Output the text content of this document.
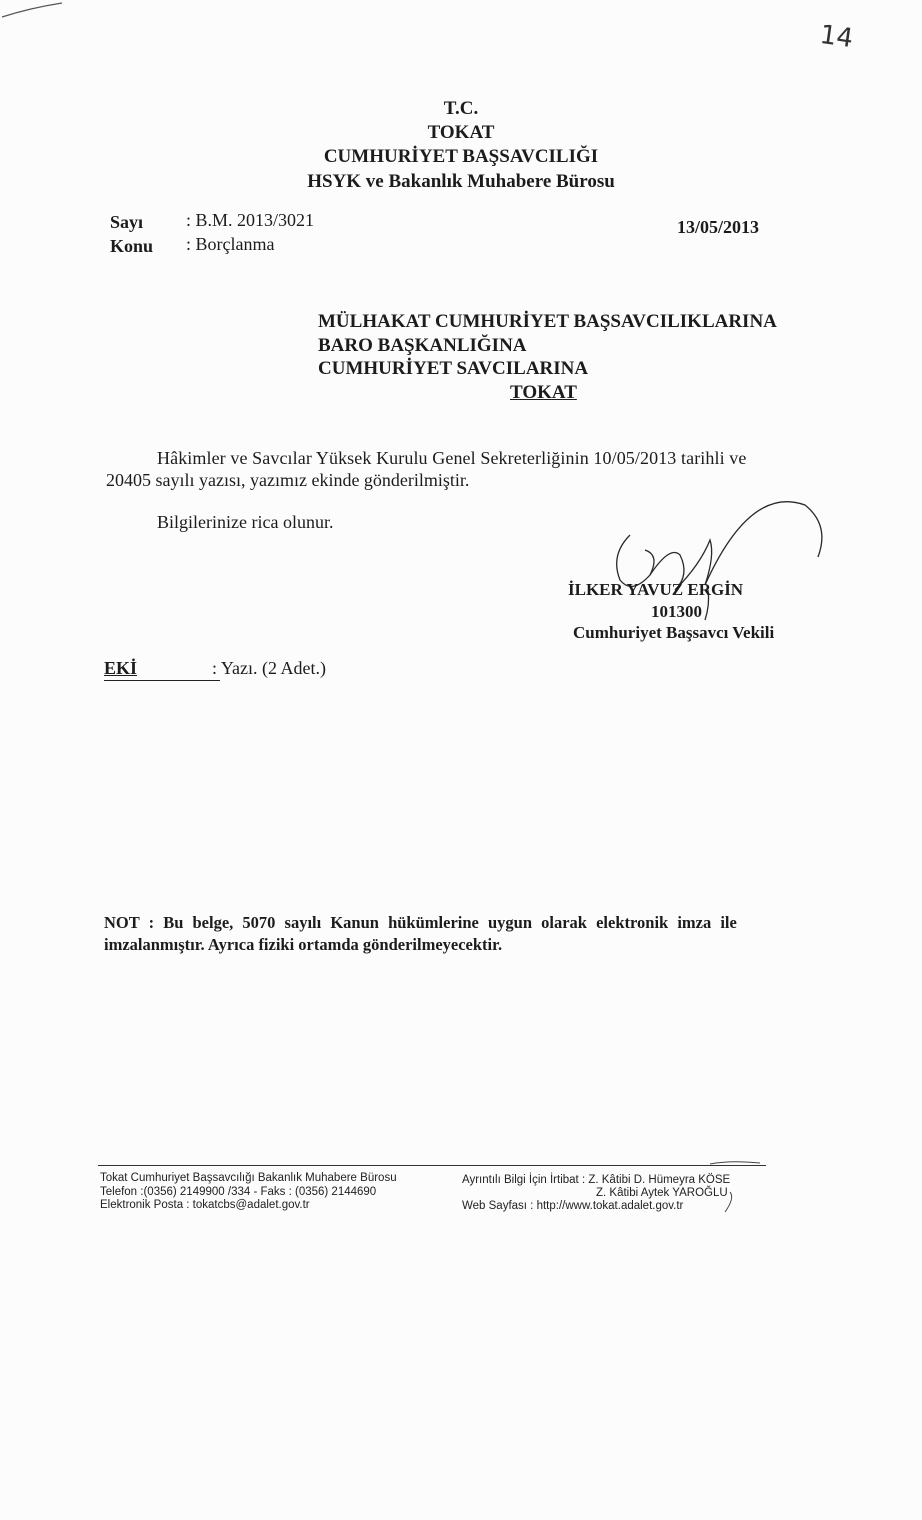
14
T.C.
TOKAT
CUMHURİYET BAŞSAVCILIĞI
HSYK ve Bakanlık Muhabere Bürosu
Sayı : B.M. 2013/3021
Konu : Borçlanma
13/05/2013
MÜLHAKAT CUMHURİYET BAŞSAVCILIKLARINA
BARO BAŞKANLIĞINA
CUMHURİYET SAVCILARINA
TOKAT
Hâkimler ve Savcılar Yüksek Kurulu Genel Sekreterliğinin 10/05/2013 tarihli ve
20405 sayılı yazısı, yazımız ekinde gönderilmiştir.
Bilgilerinize rica olunur.
İLKER YAVUZ ERGİN
101300
Cumhuriyet Başsavcı Vekili
EKİ	: Yazı. (2 Adet.)
NOT : Bu belge, 5070 sayılı Kanun hükümlerine uygun olarak elektronik imza ile
imzalanmıştır. Ayrıca fiziki ortamda gönderilmeyecektir.
Tokat Cumhuriyet Başsavcılığı Bakanlık Muhabere Bürosu
Telefon :(0356) 2149900 /334 - Faks : (0356) 2144690
Elektronik Posta : tokatcbs@adalet.gov.tr
Ayrıntılı Bilgi İçin İrtibat : Z. Kâtibi D. Hümeyra KÖSE
Z. Kâtibi Aytek YAROĞLU
Web Sayfası : http://www.tokat.adalet.gov.tr
